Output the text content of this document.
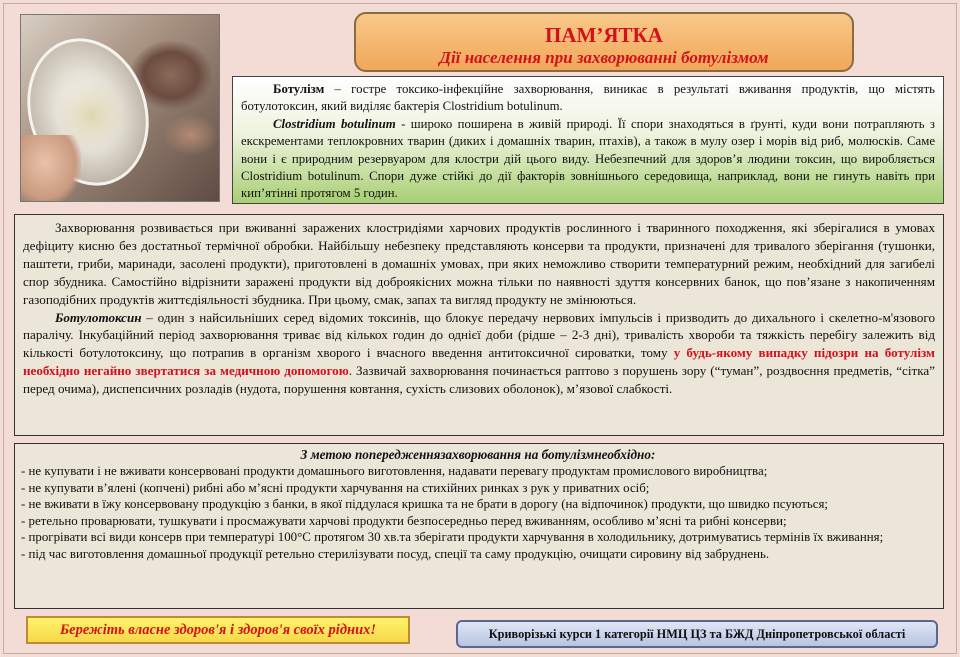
ПАМ’ЯТКА
Дії населення при захворюванні ботулізмом

Ботулізм – гостре токсико-інфекційне захворювання, виникає в результаті вживання продуктів, що містять ботулотоксин, який виділяє бактерія Clostridium botulinum.

Clostridium botulinum - широко поширена в живій природі. Її спори знаходяться в ґрунті, куди вони потрапляють з екскрементами теплокровних тварин (диких і домашніх тварин, птахів), а також в мулу озер і морів від риб, молюсків. Саме вони і є природним резервуаром для клостри дій цього виду. Небезпечний для здоров’я людини токсин, що виробляється Clostridium botulinum. Спори дуже стійкі до дії факторів зовнішнього середовища, наприклад, вони не гинуть навіть при кип’ятінні протягом 5 годин.

Захворювання розвивається при вживанні заражених клостридіями харчових продуктів рослинного і тваринного походження, які зберігалися в умовах дефіциту кисню без достатньої термічної обробки. Найбільшу небезпеку представляють консерви та продукти, призначені для тривалого зберігання (тушонки, паштети, гриби, маринади, засолені продукти), приготовлені в домашніх умовах, при яких неможливо створити температурний режим, необхідний для загибелі спор збудника. Самостійно відрізнити заражені продукти від доброякісних можна тільки по наявності здуття консервних банок, що пов’язане з накопиченням газоподібних продуктів життєдіяльності збудника. При цьому, смак, запах та вигляд продукту не змінюються.

Ботулотоксин – один з найсильніших серед відомих токсинів, що блокує передачу нервових імпульсів і призводить до дихального і скелетно-м'язового паралічу. Інкубаційний період захворювання триває від кількох годин до однієї доби (рідше – 2-3 дні), тривалість хвороби та тяжкість перебігу залежить від кількості ботулотоксину, що потрапив в організм хворого і вчасного введення антитоксичної сироватки, тому у будь-якому випадку підозри на ботулізм необхідно негайно звертатися за медичною допомогою. Зазвичай захворювання починається раптово з порушень зору (“туман”, роздвоєння предметів, “сітка” перед очима), диспепсичних розладів (нудота, порушення ковтання, сухість слизових оболонок), м’язової слабкості.

З метою попередженнязахворювання на ботулізмнеобхідно:
- не купувати і не вживати консервовані продукти домашнього виготовлення, надавати перевагу продуктам промислового виробництва;
- не купувати в’ялені (копчені) рибні або м’ясні продукти харчування на стихійних ринках з рук у приватних осіб;
- не вживати в їжу консервовану продукцію з банки, в якої піддулася кришка та не брати в дорогу (на відпочинок) продукти, що швидко псуються;
- ретельно проварювати, тушкувати і просмажувати харчові продукти безпосередньо перед вживанням, особливо м’ясні та рибні консерви;
- прогрівати всі види консерв при температурі 100°С протягом 30 хв.та зберігати продукти харчування в холодильнику, дотримуватись термінів їх вживання;
- під час виготовлення домашньої продукції ретельно стерилізувати посуд, спеції та саму продукцію, очищати сировину від забруднень.
Бережіть власне здоров'я і здоров'я своїх рідних!	Криворізькі курси 1 категорії НМЦ ЦЗ та БЖД Дніпропетровської області
